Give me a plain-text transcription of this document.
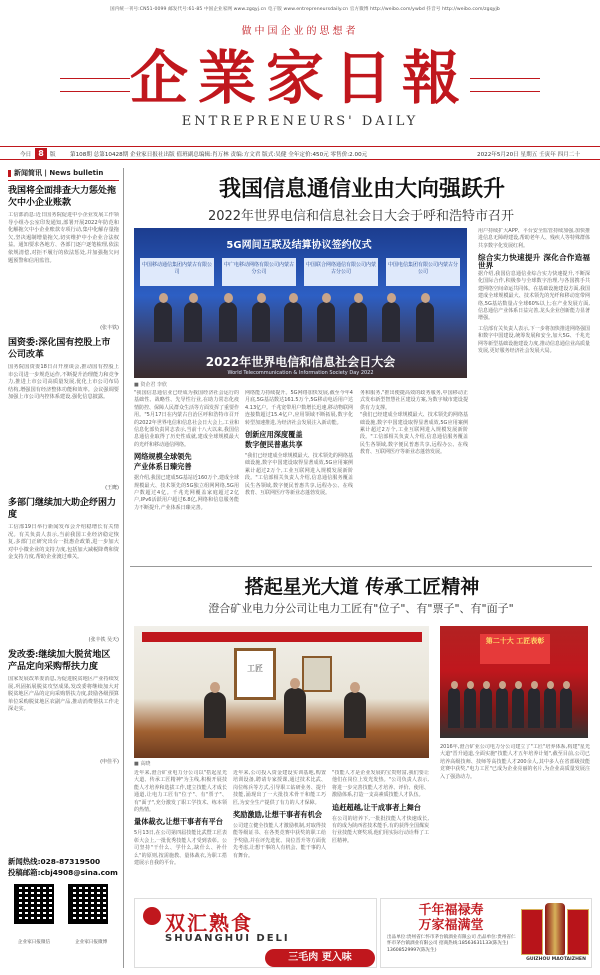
国内统一刊号:CN51-0099 邮发代号:61-85 中国企业家网 www.zgqyj.cn 电子版 www.entrepreneursdaily.cn 官方微博 http://weibo.com/ywbd 抖音号 http://weibo.com/zgqyjb
做中国企业的思想者
企業家日報
ENTREPRENEURS' DAILY
今日 8	版	第108期 总第10428期 企业家日报社出版 值班副总编辑:肖万林 责编:方文君 版式:吴健 全年定价:450元 零售价:2.00元	2022年5月20日 星期五 壬寅年 四月二十
新闻简讯 | News bulletin
我国将全面排查大力惩处拖欠中小企业账款
工信部消息:近日国务院促进中小企业发展工作领导小组办公室印发通知,部署开展2022年防范和化解拖欠中小企业账款专项行动,集中化解存量拖欠,坚决遏制增量拖欠,切实维护中小企业合法权益。通知要求各地方、各部门逐户逐笔梳理,依法依规清偿,对拒不履行的依法惩处,并加强拖欠问题预警和信用监管。
(张丰铁)
国资委:深化国有控股上市公司改革
国务院国资委18日召开座谈会,推动国有控股上市公司进一步规范运作,不断提升治理能力和竞争力,推进上市公司高质量发展,优化上市公司布局结构,增强国有经济整体功能和效率。会议强调要加强上市公司内控体系建设,强化信息披露。
(王鹰)
多部门继续加大助企纾困力度
工信部19日举行新闻发布会介绍稳增长有关情况。有关负责人表示,当前我国工业经济稳定恢复,多部门正研究出台一批惠企政策,进一步加大对中小微企业的支持力度,包括加大减税降费和资金支持力度,帮助企业渡过难关。
(张丰铁 吴天)
发改委:继续加大脱贫地区产品定向采购帮扶力度
国家发展改革委消息,为促进脱贫地区产业持续发展,巩固拓展脱贫攻坚成果,发改委将继续加大对脱贫地区产品的定向采购帮扶力度,鼓励各级预算单位采购脱贫地区农副产品,推动消费帮扶工作走深走实。
(申佳平)
新闻热线:028-87319500
投稿邮箱:cbj4908@sina.com
企业家日报微信	企业家日报微博
我国信息通信业由大向强跃升
2022年世界电信和信息社会日大会于呼和浩特市召开
5G网间互联及结算协议签约仪式
中国移动通信集团内蒙古有限公司
中广电移动网络有限公司内蒙古分公司
中国联合网络通信有限公司内蒙古分公司
中国电信集团有限公司内蒙古分公司
2022年世界电信和信息社会日大会
World Telecommunication & Information Society Day 2022
■ 资企君 李欣
"我国信息通信业已经成为我国经济社会运行的基础性、战略性、先导性行业,在助力常态化疫情防控、保障人民群众生活等方面发挥了重要作用。"5月17日在内蒙古自治区呼和浩特市召开的2022年世界电信和信息社会日大会上,工业和信息化部负责同志表示,当前十八大以来,我国信息通信业取得了历史性成就,建成全球规模最大的光纤和移动通信网络。
网络规模全球领先
产业体系日臻完善
据介绍,我国已建成5G基站近160万个,建成全球规模最大、技术领先的5G独立组网网络,5G用户数超过4亿。千兆光网覆盖家庭超过2亿户,IPv6活跃用户超过6.8亿,网络和信息服务能力不断提升,产业体系日臻完善。
网络能力持续提升。5G网络加快发展,截至今年4月底,5G基站数达161.5万个,5G移动电话用户达4.13亿户。千兆宽带用户数增长迅速,移动物联网连接数超过15.4亿户,应用领域不断拓展,数字化转型加速推进,为经济社会发展注入新动能。
创新应用深度覆盖
数字便民普惠共享
"我们已经建成全球规模最大、技术领先的网络基础设施,数字中国建设取得显著成效,5G应用案例累计超过2万个,工业互联网进入规模发展新阶段。"工信部相关负责人介绍,信息通信服务覆盖民生各领域,数字便民普惠共享,远程办公、在线教育、互联网医疗等新业态蓬勃发展。
务和服务,"推出便捷高效的政务服务,中国移动正式发布新型智慧社区建设方案,为数字城市建设提供有力支撑。
"我们已经建成全球规模最大、技术领先的网络基础设施,数字中国建设取得显著成效,5G应用案例累计超过2万个,工业互联网进入规模发展新阶段。"工信部相关负责人介绍,信息通信服务覆盖民生各领域,数字便民普惠共享,远程办公、在线教育、互联网医疗等新业态蓬勃发展。
用户持续扩大APP、平台安全监管持续加强,加快推进信息无障碍建设,帮助老年人、残疾人等特殊群体共享数字化发展红利。
综合实力快速提升 深化合作造福世界
据介绍,我国信息通信业综合实力快速提升,不断深化国际合作,积极参与全球数字治理,与各国携手共建网络空间命运共同体。在基础设施建设方面,我国建成全球规模最大、技术领先的光纤和移动宽带网络,5G基站数量占全球60%以上;在产业发展方面,信息通信产业体系日益完善,龙头企业创新能力显著增强。
工信部有关负责人表示,下一步将加快推进网络强国和数字中国建设,统筹发展和安全,加大5G、千兆光网等新型基础设施建设力度,推动信息通信业高质量发展,更好服务经济社会发展大局。
搭起星光大道 传承工匠精神
澄合矿业电力分公司让电力工匠有"位子"、有"票子"、有"面子"
工匠
■ 高晓
第二十大 工匠表彰
近年来,澄合矿业电力分公司以"搭起星光大道、传承工匠精神"为主线,积极开展技能人才培养和选拔工作,建立技能人才成长通道,让电力工匠有"位子"、有"票子"、有"面子",充分激发了职工学技术、练本领的热情。
量体裁衣,让想干事者有平台
5月13日,在公司第四届技能比武暨工匠表彰大会上,一批优秀技能人才受到表彰。公司坚持"干什么、学什么,缺什么、补什么"的原则,按需施教、量体裁衣,为职工搭建展示自我的平台。
近年来,公司投入资金建设实训基地,购置培训设备,聘请专家授课,通过技术比武、岗位练兵等方式,引导职工钻研业务、提升技能,涌现出了一大批技术骨干和能工巧匠,为安全生产提供了有力的人才保障。
奖励激励,让想干事者有机会
公司建立健全技能人才激励机制,对取得技能等级证书、在各类竞赛中获奖的职工给予奖励,并在评先选优、岗位晋升等方面优先考虑,让想干事的人有机会、能干事的人有舞台。
"技能人才是企业发展的宝贵财富,我们要让他们在岗位上发光发热。"公司负责人表示,将进一步完善技能人才培养、评价、使用、激励体系,打造一支高素质技能人才队伍。
追赶超越,让干成事者上舞台
在公司的培养下,一批批技能人才快速成长,有的成为陕西省技术能手,有的获得全国煤炭行业技能大赛奖项,他们用实际行动诠释了工匠精神。
2016年,澄合矿业公司电力分公司建立了"工匠"培养体系,构建"星光大道"晋升通道,全面实施"技能人才五年培养计划",截至目前,公司已培养高级技师、技师等高技能人才200余人,其中多人在省部级技能竞赛中获奖,"电力工匠"已成为企业亮丽的名片,为企业高质量发展注入了强劲动力。
双汇熟食
SHUANGHUI DELI
三毛肉 更入味
千年福禄寿
万家福满堂
出品单位:贵州省仁怀市茅台镇酒业有限公司 出品单位:贵州省仁怀市茅台镇酒业有限公司 招商热线:18563631133(陈先生) 13608529997(陈先生)
GUIZHOU MAOTAIZHEN
